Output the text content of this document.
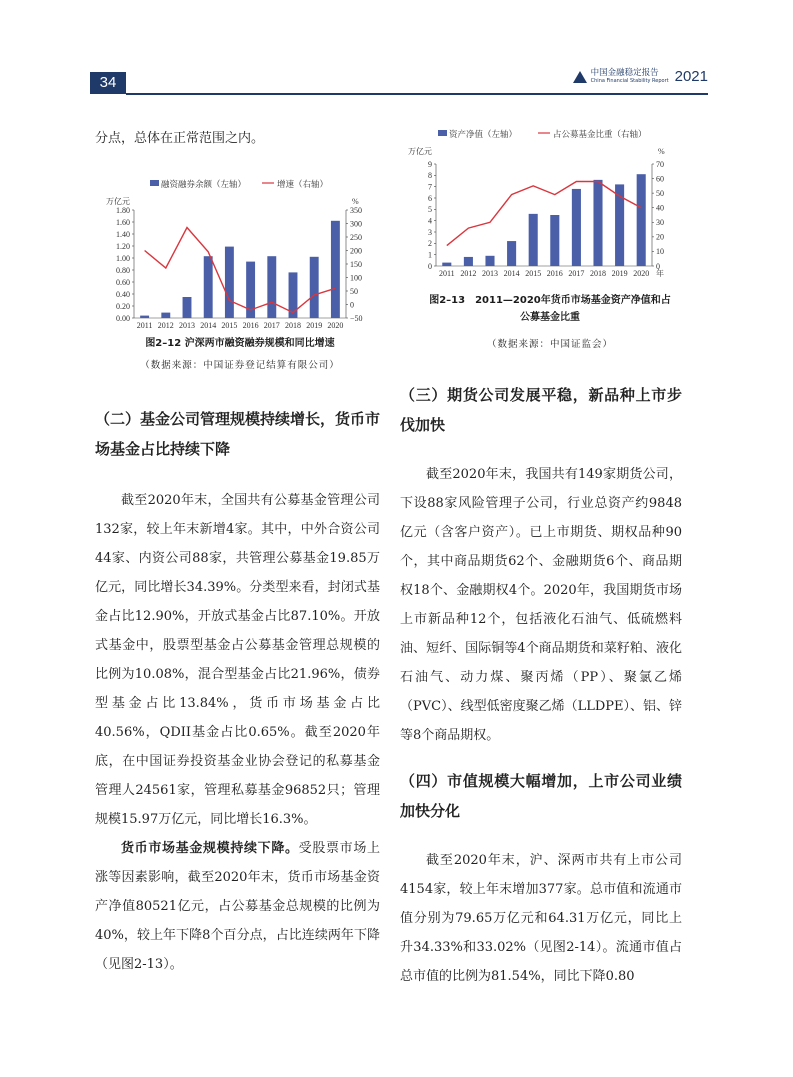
34
中国金融稳定报告
China Financial Stability Report 2021

分点，总体在正常范围之内。

融资融券余额（左轴）	增速（右轴）
万亿元	%
0.00
0.20
0.40
0.60
0.80
1.00
1.20
1.40
1.60
1.80
−50
0
50
100
150
200
250
300
350
2011 2012 2013 2014 2015 2016 2017 2018 2019 2020
图2–12 沪深两市融资融券规模和同比增速
（数据来源：中国证券登记结算有限公司）
（二）基金公司管理规模持续增长，货币市场基金占比持续下降

截至2020年末，全国共有公募基金管理公司132家，较上年末新增4家。其中，中外合资公司44家、内资公司88家，共管理公募基金19.85万亿元，同比增长34.39%。分类型来看，封闭式基金占比12.90%，开放式基金占比87.10%。开放式基金中，股票型基金占公募基金管理总规模的比例为10.08%，混合型基金占比21.96%，债券型基金占比13.84%，货币市场基金占比40.56%，QDII基金占比0.65%。截至2020年底，在中国证券投资基金业协会登记的私募基金管理人24561家，管理私募基金96852只；管理规模15.97万亿元，同比增长16.3%。

货币市场基金规模持续下降。受股票市场上涨等因素影响，截至2020年末，货币市场基金资产净值80521亿元，占公募基金总规模的比例为40%，较上年下降8个百分点，占比连续两年下降（见图2-13）。

资产净值（左轴）	占公募基金比重（右轴）
万亿元	%
0
1
2
3
4
5
6
7
8
9
0
10
20
30
40
50
60
70
2011 2012 2013 2014 2015 2016 2017 2018 2019 2020 年
图2–13　2011—2020年货币市场基金资产净值和占
公募基金比重
（数据来源：中国证监会）
（三）期货公司发展平稳，新品种上市步伐加快

截至2020年末，我国共有149家期货公司，下设88家风险管理子公司，行业总资产约9848亿元（含客户资产）。已上市期货、期权品种90个，其中商品期货62个、金融期货6个、商品期权18个、金融期权4个。2020年，我国期货市场上市新品种12个，包括液化石油气、低硫燃料油、短纤、国际铜等4个商品期货和菜籽粕、液化石油气、动力煤、聚丙烯（PP）、聚氯乙烯（PVC）、线型低密度聚乙烯（LLDPE）、铝、锌等8个商品期权。

（四）市值规模大幅增加，上市公司业绩加快分化

截至2020年末，沪、深两市共有上市公司4154家，较上年末增加377家。总市值和流通市值分别为79.65万亿元和64.31万亿元，同比上升34.33%和33.02%（见图2-14）。流通市值占总市值的比例为81.54%，同比下降0.80
